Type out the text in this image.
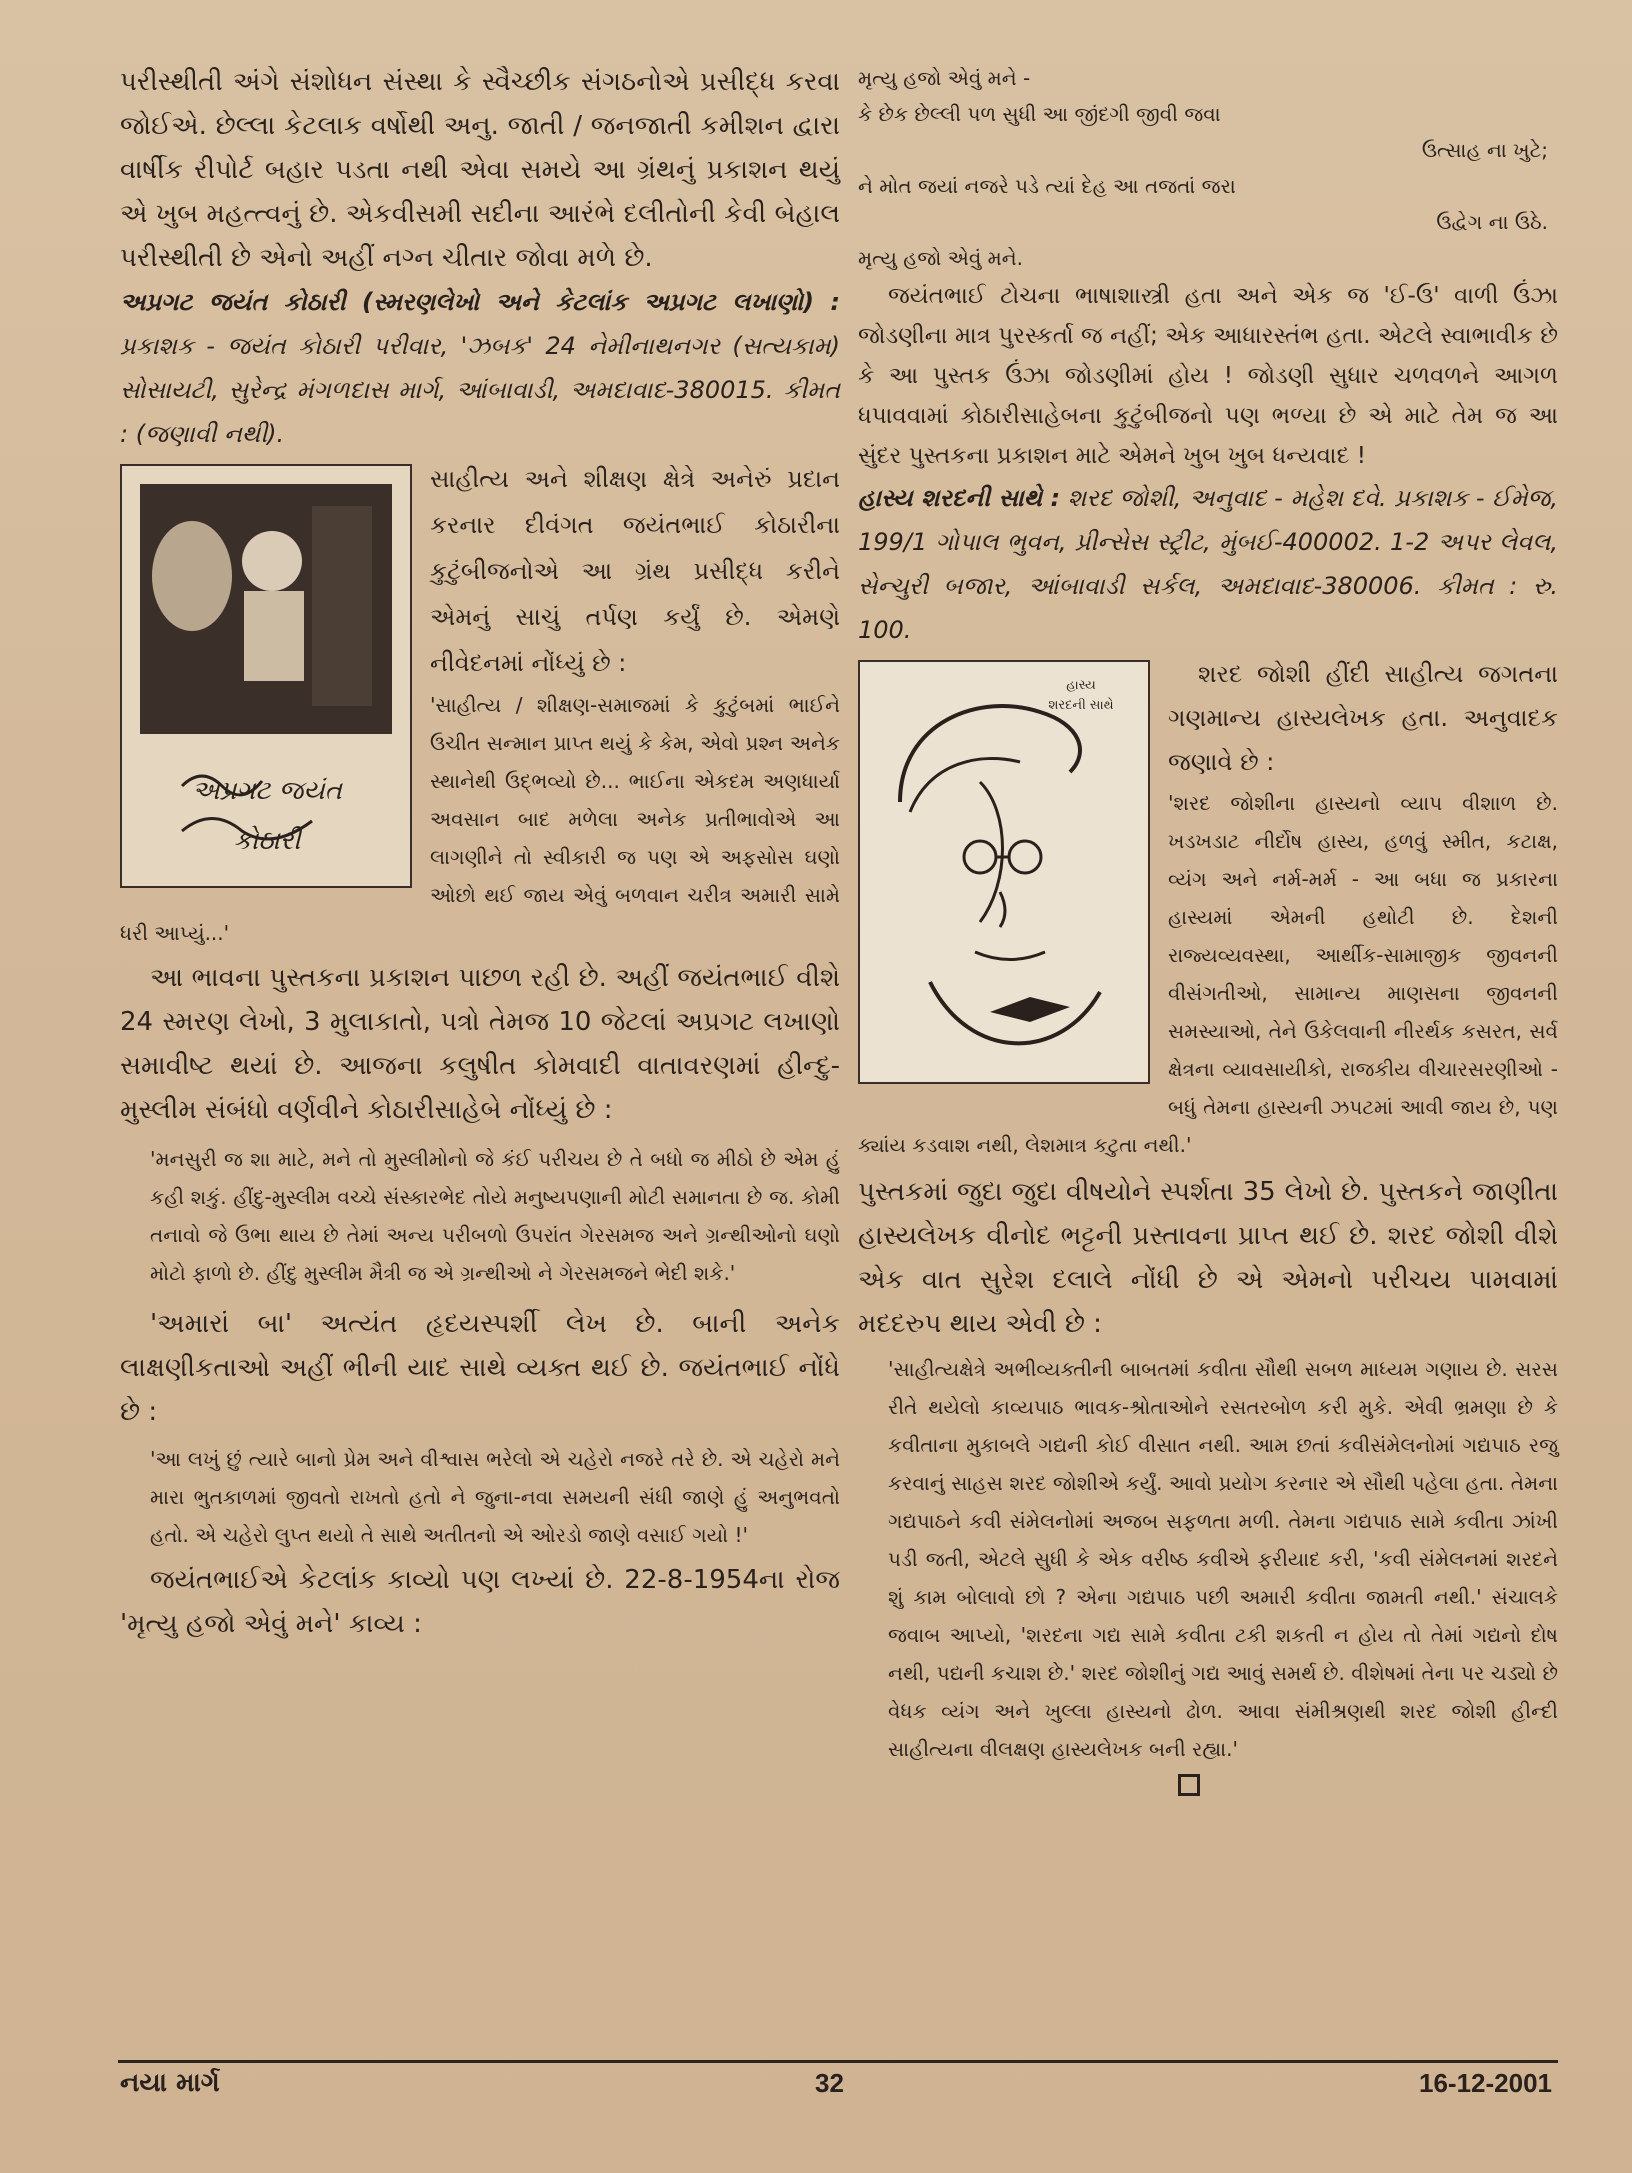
પરીસ્થીતી અંગે સંશોધન સંસ્થા કે સ્વૈચ્છીક સંગઠનોએ પ્રસીદ્ધ કરવા જોઈએ. છેલ્લા કેટલાક વર્ષોથી અનુ. જાતી / જનજાતી કમીશન દ્વારા વાર્ષીક રીપોર્ટ બહાર પડતા નથી એવા સમયે આ ગ્રંથનું પ્રકાશન થયું એ ખુબ મહત્ત્વનું છે. એકવીસમી સદીના આરંભે દલીતોની કેવી બેહાલ પરીસ્થીતી છે એનો અહીં નગ્ન ચીતાર જોવા મળે છે.

અપ્રગટ જયંત કોઠારી (સ્મરણલેખો અને કેટલાંક અપ્રગટ લખાણો) : પ્રકાશક - જયંત કોઠારી પરીવાર, 'ઝબક' 24 નેમીનાથનગર (સત્યકામ) સોસાયટી, સુરેન્દ્ર મંગળદાસ માર્ગ, આંબાવાડી, અમદાવાદ-380015. કીમત : (જણાવી નથી).

અપ્રગટ જયંત કોઠારી

સાહીત્ય અને શીક્ષણ ક્ષેત્રે અનેરું પ્રદાન કરનાર દીવંગત જયંતભાઈ કોઠારીના કુટુંબીજનોએ આ ગ્રંથ પ્રસીદ્ધ કરીને એમનું સાચું તર્પણ કર્યું છે. એમણે નીવેદનમાં નોંધ્યું છે :

'સાહીત્ય / શીક્ષણ-સમાજમાં કે કુટુંબમાં ભાઈને ઉચીત સન્માન પ્રાપ્ત થયું કે કેમ, એવો પ્રશ્ન અનેક સ્થાનેથી ઉદ્ભવ્યો છે... ભાઈના એકદમ અણધાર્યા અવસાન બાદ મળેલા અનેક પ્રતીભાવોએ આ લાગણીને તો સ્વીકારી જ પણ એ અફસોસ ઘણો ઓછો થઈ જાય એવું બળવાન ચરીત્ર અમારી સામે ધરી આપ્યું...'

આ ભાવના પુસ્તકના પ્રકાશન પાછળ રહી છે. અહીં જયંતભાઈ વીશે 24 સ્મરણ લેખો, 3 મુલાકાતો, પત્રો તેમજ 10 જેટલાં અપ્રગટ લખાણો સમાવીષ્ટ થયાં છે. આજના કલુષીત કોમવાદી વાતાવરણમાં હીન્દુ-મુસ્લીમ સંબંધો વર્ણવીને કોઠારીસાહેબે નોંધ્યું છે :

'મનસુરી જ શા માટે, મને તો મુસ્લીમોનો જે કંઈ પરીચય છે તે બધો જ મીઠો છે એમ હું કહી શકું. હીંદુ-મુસ્લીમ વચ્ચે સંસ્કારભેદ તોયે મનુષ્યપણાની મોટી સમાનતા છે જ. કોમી તનાવો જે ઉભા થાય છે તેમાં અન્ય પરીબળો ઉપરાંત ગેરસમજ અને ગ્રન્થીઓનો ઘણો મોટો ફાળો છે. હીંદુ મુસ્લીમ મૈત્રી જ એ ગ્રન્થીઓ ને ગેરસમજને ભેદી શકે.'

'અમારાં બા' અત્યંત હૃદયસ્પર્શી લેખ છે. બાની અનેક લાક્ષણીકતાઓ અહીં ભીની યાદ સાથે વ્યક્ત થઈ છે. જયંતભાઈ નોંધે છે :

'આ લખું છું ત્યારે બાનો પ્રેમ અને વીશ્વાસ ભરેલો એ ચહેરો નજરે તરે છે. એ ચહેરો મને મારા ભુતકાળમાં જીવતો રાખતો હતો ને જુના-નવા સમયની સંધી જાણે હું અનુભવતો હતો. એ ચહેરો લુપ્ત થયો તે સાથે અતીતનો એ ઓરડો જાણે વસાઈ ગયો !'

જયંતભાઈએ કેટલાંક કાવ્યો પણ લખ્યાં છે. 22-8-1954ના રોજ 'મૃત્યુ હજો એવું મને' કાવ્ય :

મૃત્યુ હજો એવું મને -

કે છેક છેલ્લી પળ સુધી આ જીંદગી જીવી જવા

ઉત્સાહ ના ખુટે;

ને મોત જયાં નજરે પડે ત્યાં દેહ આ તજતાં જરા

ઉદ્વેગ ના ઉઠે.

મૃત્યુ હજો એવું મને.

જયંતભાઈ ટોચના ભાષાશાસ્ત્રી હતા અને એક જ 'ઈ-ઉ' વાળી ઉંઝા જોડણીના માત્ર પુરસ્કર્તા જ નહીં; એક આધારસ્તંભ હતા. એટલે સ્વાભાવીક છે કે આ પુસ્તક ઉંઝા જોડણીમાં હોય ! જોડણી સુધાર ચળવળને આગળ ધપાવવામાં કોઠારીસાહેબના કુટુંબીજનો પણ ભળ્યા છે એ માટે તેમ જ આ સુંદર પુસ્તકના પ્રકાશન માટે એમને ખુબ ખુબ ધન્યવાદ !

હાસ્ય શરદની સાથે : શરદ જોશી, અનુવાદ - મહેશ દવે. પ્રકાશક - ઈમેજ, 199/1 ગોપાલ ભુવન, પ્રીન્સેસ સ્ટ્રીટ, મુંબઈ-400002. 1-2 અપર લેવલ, સેન્ચુરી બજાર, આંબાવાડી સર્કલ, અમદાવાદ-380006. કીમત : રુ. 100.

હાસ્ય શરદની સાથે

શરદ જોશી હીંદી સાહીત્ય જગતના ગણમાન્ય હાસ્યલેખક હતા. અનુવાદક જણાવે છે :

'શરદ જોશીના હાસ્યનો વ્યાપ વીશાળ છે. ખડખડાટ નીર્દોષ હાસ્ય, હળવું સ્મીત, કટાક્ષ, વ્યંગ અને નર્મ-મર્મ - આ બધા જ પ્રકારના હાસ્યમાં એમની હથોટી છે. દેશની રાજ્યવ્યવસ્થા, આર્થીક-સામાજીક જીવનની વીસંગતીઓ, સામાન્ય માણસના જીવનની સમસ્યાઓ, તેને ઉકેલવાની નીરર્થક કસરત, સર્વ ક્ષેત્રના વ્યાવસાયીકો, રાજકીય વીચારસરણીઓ - બધું તેમના હાસ્યની ઝપટમાં આવી જાય છે, પણ ક્યાંય કડવાશ નથી, લેશમાત્ર કટુતા નથી.'

પુસ્તકમાં જુદા જુદા વીષયોને સ્પર્શતા 35 લેખો છે. પુસ્તકને જાણીતા હાસ્યલેખક વીનોદ ભટ્ટની પ્રસ્તાવના પ્રાપ્ત થઈ છે. શરદ જોશી વીશે એક વાત સુરેશ દલાલે નોંધી છે એ એમનો પરીચય પામવામાં મદદરુપ થાય એવી છે :

'સાહીત્યક્ષેત્રે અભીવ્યક્તીની બાબતમાં કવીતા સૌથી સબળ માધ્યમ ગણાય છે. સરસ રીતે થયેલો કાવ્યપાઠ ભાવક-શ્રોતાઓને રસતરબોળ કરી મુકે. એવી ભ્રમણા છે કે કવીતાના મુકાબલે ગદ્યની કોઈ વીસાત નથી. આમ છતાં કવીસંમેલનોમાં ગદ્યપાઠ રજુ કરવાનું સાહસ શરદ જોશીએ કર્યું. આવો પ્રયોગ કરનાર એ સૌથી પહેલા હતા. તેમના ગદ્યપાઠને કવી સંમેલનોમાં અજબ સફળતા મળી. તેમના ગદ્યપાઠ સામે કવીતા ઝાંખી પડી જતી, એટલે સુધી કે એક વરીષ્ઠ કવીએ ફરીયાદ કરી, 'કવી સંમેલનમાં શરદને શું કામ બોલાવો છો ? એના ગદ્યપાઠ પછી અમારી કવીતા જામતી નથી.' સંચાલકે જવાબ આપ્યો, 'શરદના ગદ્ય સામે કવીતા ટકી શકતી ન હોય તો તેમાં ગદ્યનો દોષ નથી, પદ્યની કચાશ છે.' શરદ જોશીનું ગદ્ય આવું સમર્થ છે. વીશેષમાં તેના પર ચડ્યો છે વેધક વ્યંગ અને ખુલ્લા હાસ્યનો ઢોળ. આવા સંમીશ્રણથી શરદ જોશી હીન્દી સાહીત્યના વીલક્ષણ હાસ્યલેખક બની રહ્યા.'

નયા માર્ગ	32	16-12-2001
